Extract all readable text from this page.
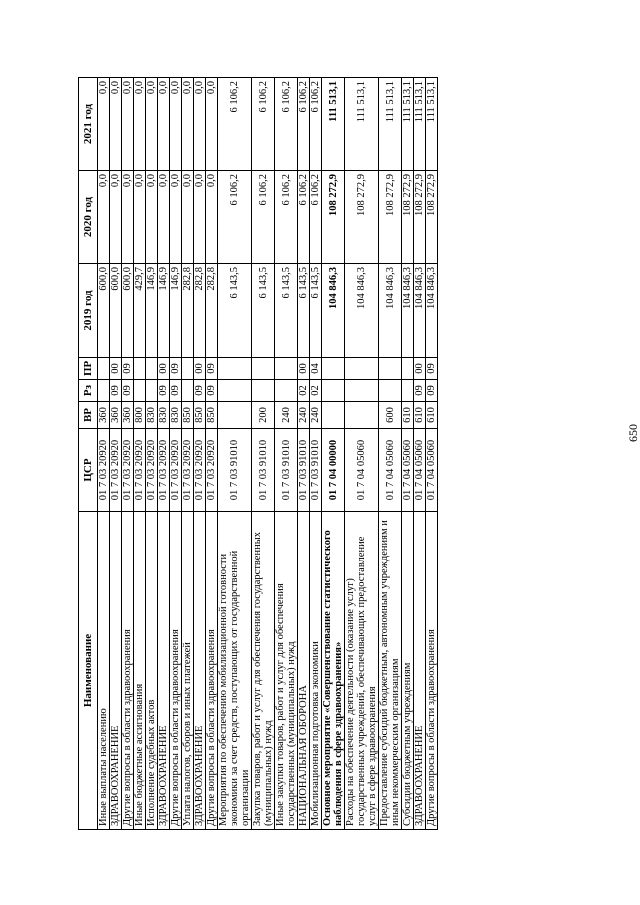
650
Наименование	ЦСР	ВР	Рз	ПР	2019 год	2020 год	2021 год
Иные выплаты населению	01 7 03 20920	360			600,0	0,0	0,0
ЗДРАВООХРАНЕНИЕ	01 7 03 20920	360	09	00	600,0	0,0	0,0
Другие вопросы в области здравоохранения	01 7 03 20920	360	09	09	600,0	0,0	0,0
Иные бюджетные ассигнования	01 7 03 20920	800			429,7	0,0	0,0
Исполнение судебных актов	01 7 03 20920	830			146,9	0,0	0,0
ЗДРАВООХРАНЕНИЕ	01 7 03 20920	830	09	00	146,9	0,0	0,0
Другие вопросы в области здравоохранения	01 7 03 20920	830	09	09	146,9	0,0	0,0
Уплата налогов, сборов и иных платежей	01 7 03 20920	850			282,8	0,0	0,0
ЗДРАВООХРАНЕНИЕ	01 7 03 20920	850	09	00	282,8	0,0	0,0
Другие вопросы в области здравоохранения	01 7 03 20920	850	09	09	282,8	0,0	0,0
Мероприятия по обеспечению мобилизационной готовности экономики за счет средств, поступающих от государственной организации	01 7 03 91010				6 143,5	6 106,2	6 106,2
Закупка товаров, работ и услуг для обеспечения государственных (муниципальных) нужд	01 7 03 91010	200			6 143,5	6 106,2	6 106,2
Иные закупки товаров, работ и услуг для обеспечения государственных (муниципальных) нужд	01 7 03 91010	240			6 143,5	6 106,2	6 106,2
НАЦИОНАЛЬНАЯ ОБОРОНА	01 7 03 91010	240	02	00	6 143,5	6 106,2	6 106,2
Мобилизационная подготовка экономики	01 7 03 91010	240	02	04	6 143,5	6 106,2	6 106,2
Основное мероприятие «Совершенствование статистического наблюдения в сфере здравоохранения»	01 7 04 00000				104 846,3	108 272,9	111 513,1
Расходы на обеспечение деятельности (оказание услуг) государственных учреждений, обеспечивающих предоставление услуг в сфере здравоохранения	01 7 04 05060				104 846,3	108 272,9	111 513,1
Предоставление субсидий бюджетным, автономным учреждениям и иным некоммерческим организациям	01 7 04 05060	600			104 846,3	108 272,9	111 513,1
Субсидии бюджетным учреждениям	01 7 04 05060	610			104 846,3	108 272,9	111 513,1
ЗДРАВООХРАНЕНИЕ	01 7 04 05060	610	09	00	104 846,3	108 272,9	111 513,1
Другие вопросы в области здравоохранения	01 7 04 05060	610	09	09	104 846,3	108 272,9	111 513,1
